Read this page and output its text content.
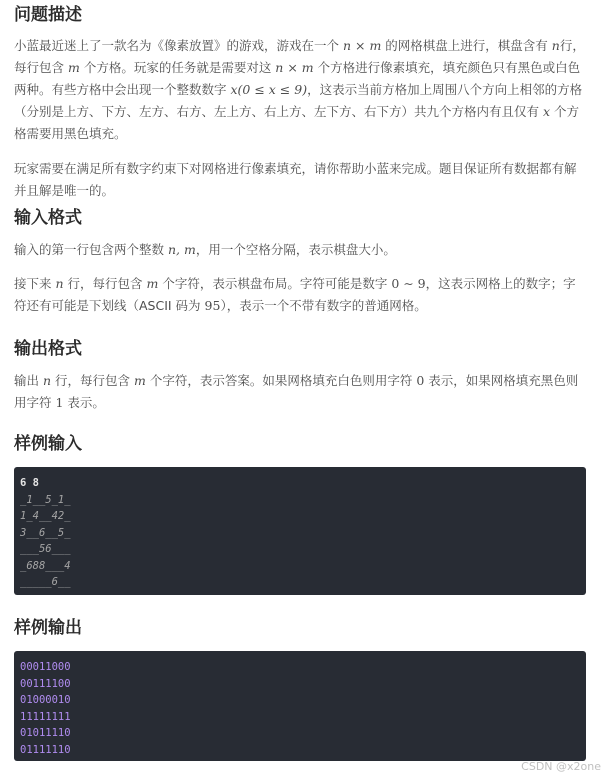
问题描述

小蓝最近迷上了一款名为《像素放置》的游戏，游戏在一个 n × m 的网格棋盘上进行，棋盘含有 n行，每行包含 m 个方格。玩家的任务就是需要对这 n × m 个方格进行像素填充，填充颜色只有黑色或白色两种。有些方格中会出现一个整数数字 x(0 ≤ x ≤ 9)，这表示当前方格加上周围八个方向上相邻的方格（分别是上方、下方、左方、右方、左上方、右上方、左下方、右下方）共九个方格内有且仅有 x 个方格需要用黑色填充。

玩家需要在满足所有数字约束下对网格进行像素填充，请你帮助小蓝来完成。题目保证所有数据都有解并且解是唯一的。

输入格式

输入的第一行包含两个整数 n, m，用一个空格分隔，表示棋盘大小。

接下来 n 行，每行包含 m 个字符，表示棋盘布局。字符可能是数字 0 ∼ 9，这表示网格上的数字；字符还有可能是下划线（ASCII 码为 95），表示一个不带有数字的普通网格。

输出格式

输出 n 行，每行包含 m 个字符，表示答案。如果网格填充白色则用字符 0 表示，如果网格填充黑色则用字符 1 表示。

样例输入
6 8
_1__5_1_
1_4__42_
3__6__5_
___56___
_688___4
_____6__
样例输出
00011000
00111100
01000010
11111111
01011110
01111110
CSDN @x2one
